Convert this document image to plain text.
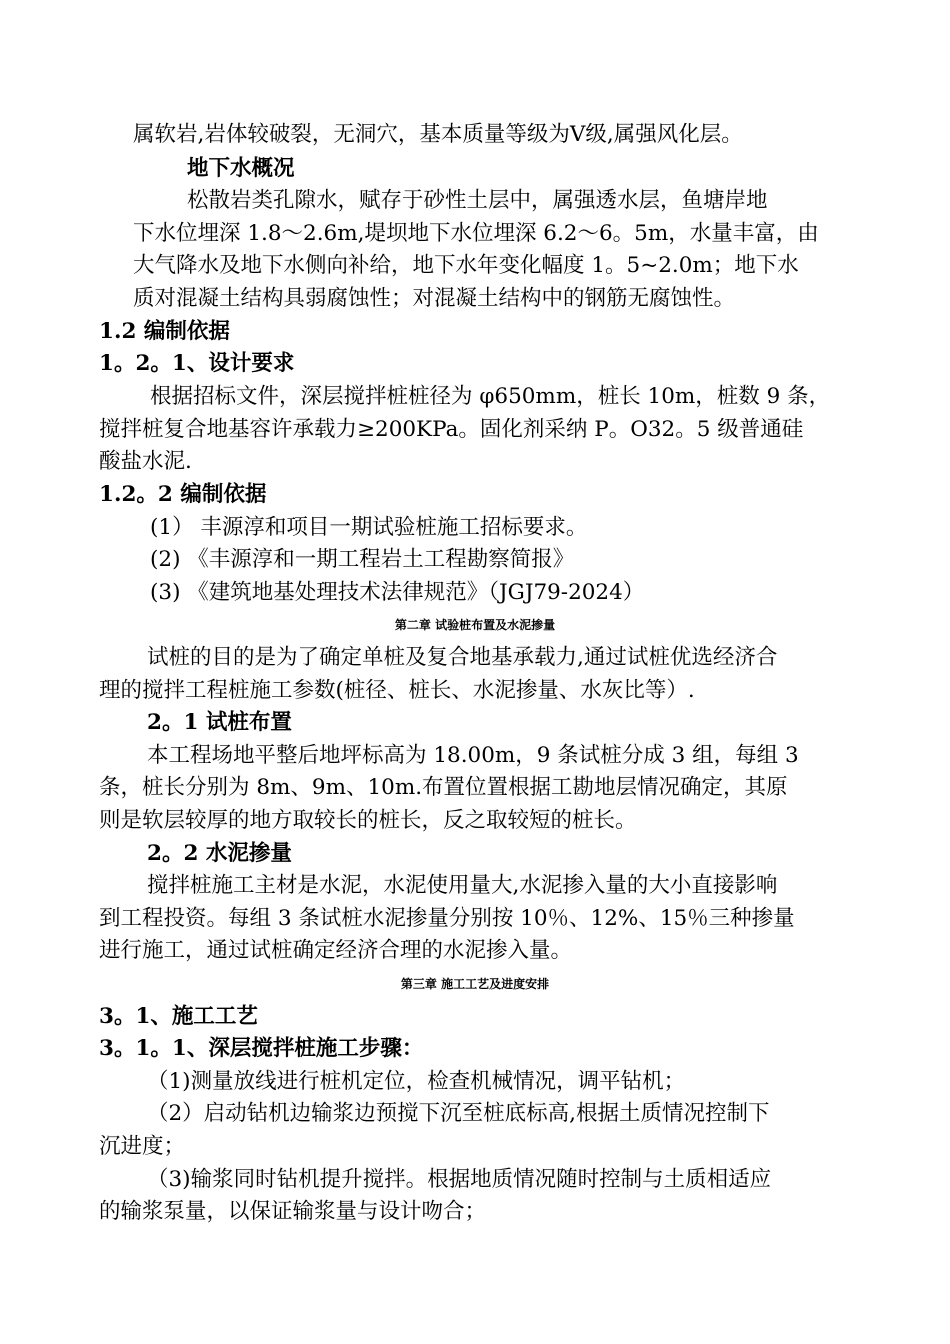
属软岩,岩体较破裂，无洞穴，基本质量等级为Ⅴ级,属强风化层。
地下水概况
松散岩类孔隙水，赋存于砂性土层中，属强透水层，鱼塘岸地
下水位埋深 1.8～2.6m,堤坝地下水位埋深 6.2～6。5m，水量丰富，由
大气降水及地下水侧向补给，地下水年变化幅度 1。5~2.0m；地下水
质对混凝土结构具弱腐蚀性；对混凝土结构中的钢筋无腐蚀性。
1.2 编制依据
1。2。1、设计要求
根据招标文件，深层搅拌桩桩径为 φ650mm，桩长 10m，桩数 9 条，
搅拌桩复合地基容许承载力≥200KPa。固化剂采纳 P。O32。5 级普通硅
酸盐水泥.
1.2。2 编制依据
(1） 丰源淳和项目一期试验桩施工招标要求。
(2) 《丰源淳和一期工程岩土工程勘察简报》
(3) 《建筑地基处理技术法律规范》（JGJ79-2024）
第二章 试验桩布置及水泥掺量
试桩的目的是为了确定单桩及复合地基承载力,通过试桩优选经济合
理的搅拌工程桩施工参数(桩径、桩长、水泥掺量、水灰比等）.
2。1 试桩布置
本工程场地平整后地坪标高为 18.00m，9 条试桩分成 3 组，每组 3
条，桩长分别为 8m、9m、10m.布置位置根据工勘地层情况确定，其原
则是软层较厚的地方取较长的桩长，反之取较短的桩长。
2。2 水泥掺量
搅拌桩施工主材是水泥，水泥使用量大,水泥掺入量的大小直接影响
到工程投资。每组 3 条试桩水泥掺量分别按 10％、12%、15％三种掺量
进行施工，通过试桩确定经济合理的水泥掺入量。
第三章 施工工艺及进度安排
3。1、施工工艺
3。1。1、深层搅拌桩施工步骤：
（1)测量放线进行桩机定位，检查机械情况，调平钻机；
（2）启动钻机边输浆边预搅下沉至桩底标高,根据土质情况控制下
沉进度；
（3)输浆同时钻机提升搅拌。根据地质情况随时控制与土质相适应
的输浆泵量，以保证输浆量与设计吻合；
